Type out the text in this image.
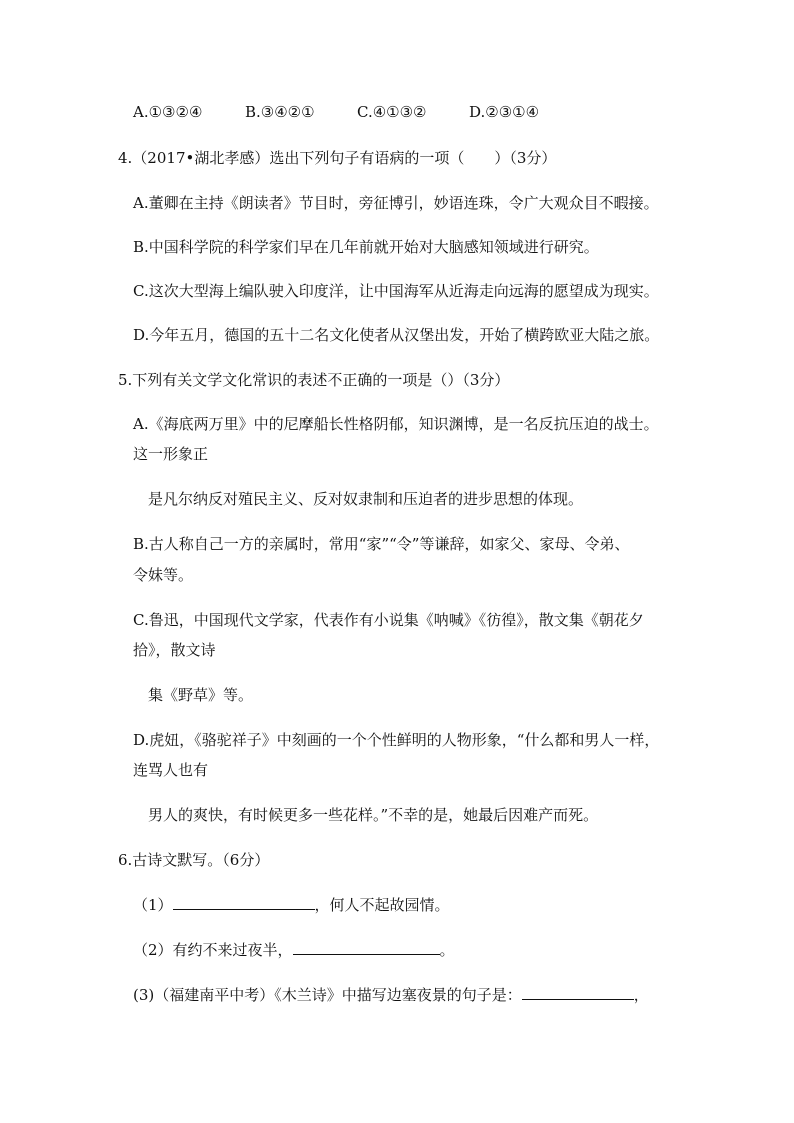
A.①③②④	B.③④②①	C.④①③②	D.②③①④
4.（2017•湖北孝感）选出下列句子有语病的一项（　　）（3分）
A.董卿在主持《朗读者》节目时，旁征博引，妙语连珠，令广大观众目不暇接。
B.中国科学院的科学家们早在几年前就开始对大脑感知领域进行研究。
C.这次大型海上编队驶入印度洋，让中国海军从近海走向远海的愿望成为现实。
D.今年五月，德国的五十二名文化使者从汉堡出发，开始了横跨欧亚大陆之旅。
5.下列有关文学文化常识的表述不正确的一项是（）（3分）
A.《海底两万里》中的尼摩船长性格阴郁，知识渊博，是一名反抗压迫的战士。
这一形象正
是凡尔纳反对殖民主义、反对奴隶制和压迫者的进步思想的体现。
B.古人称自己一方的亲属时，常用“家”“令”等谦辞，如家父、家母、令弟、
令妹等。
C.鲁迅，中国现代文学家，代表作有小说集《呐喊》《彷徨》，散文集《朝花夕
拾》，散文诗
集《野草》等。
D.虎妞，《骆驼祥子》中刻画的一个个性鲜明的人物形象，“什么都和男人一样，
连骂人也有
男人的爽快，有时候更多一些花样。”不幸的是，她最后因难产而死。
6.古诗文默写。（6分）
（1）	，何人不起故园情。
（2）有约不来过夜半，	。
(3)（福建南平中考）《木兰诗》中描写边塞夜景的句子是：	，
